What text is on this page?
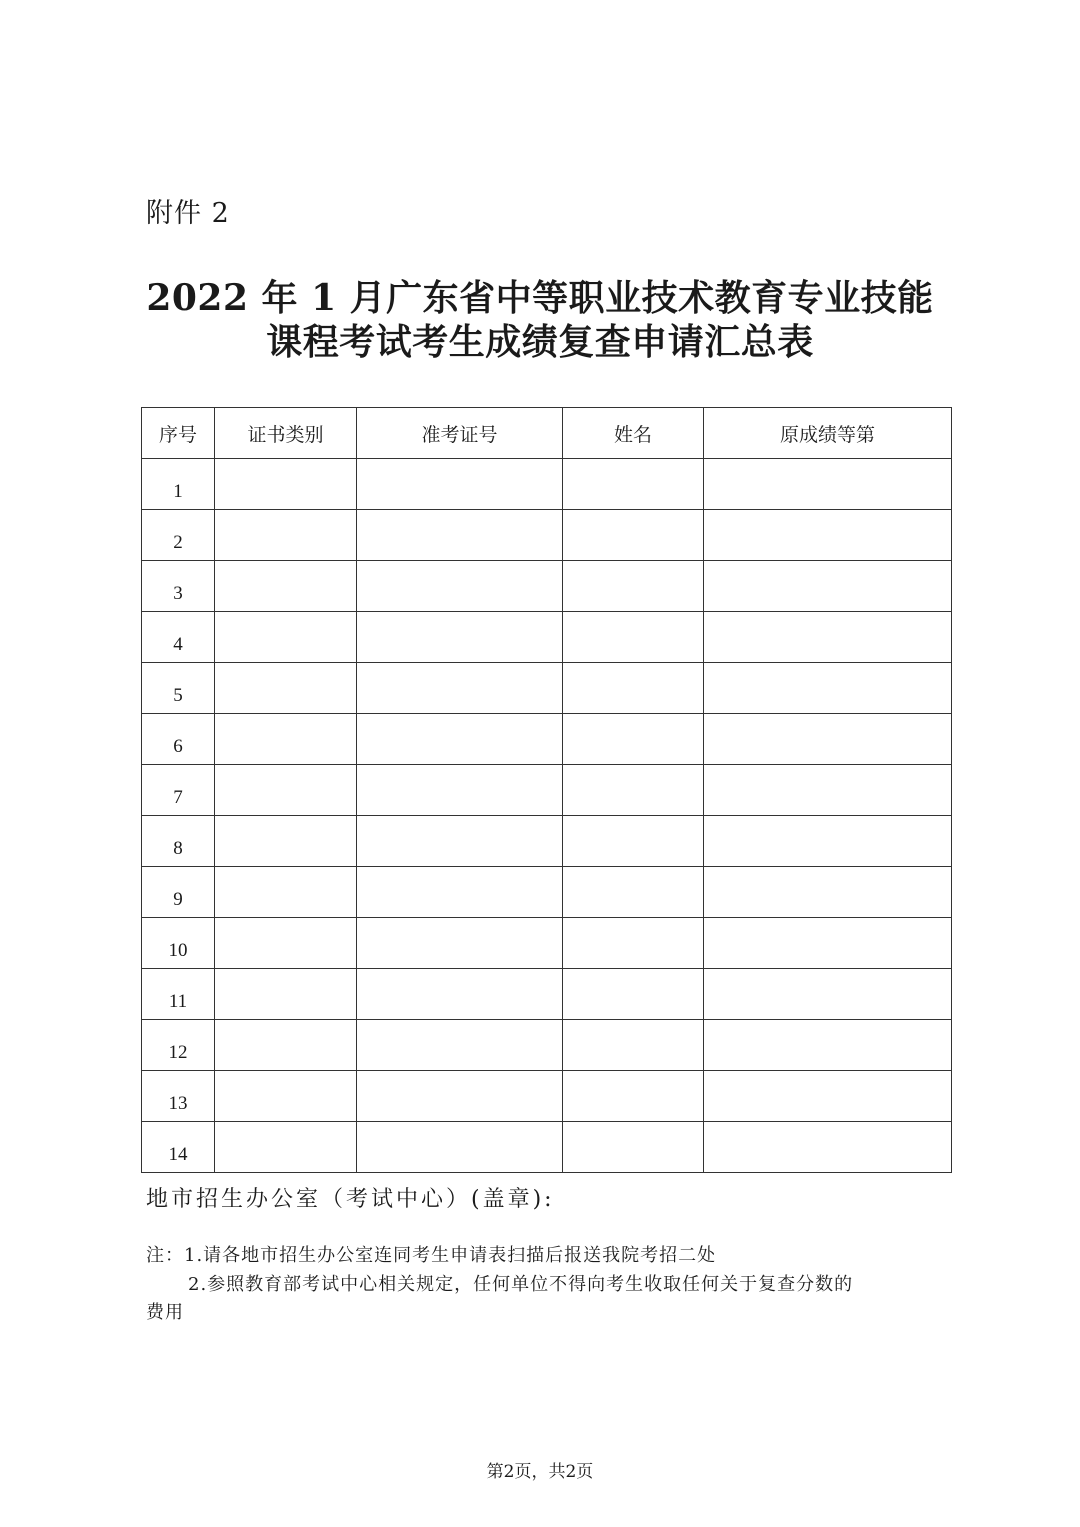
附件 2
2022 年 1 月广东省中等职业技术教育专业技能
课程考试考生成绩复查申请汇总表
序号	证书类别	准考证号	姓名	原成绩等第
1				
2				
3				
4				
5				
6				
7				
8				
9				
10				
11				
12				
13				
14				
地市招生办公室（考试中心）(盖章):
注：1.请各地市招生办公室连同考生申请表扫描后报送我院考招二处
2.参照教育部考试中心相关规定，任何单位不得向考生收取任何关于复查分数的
费用
第2页，共2页
